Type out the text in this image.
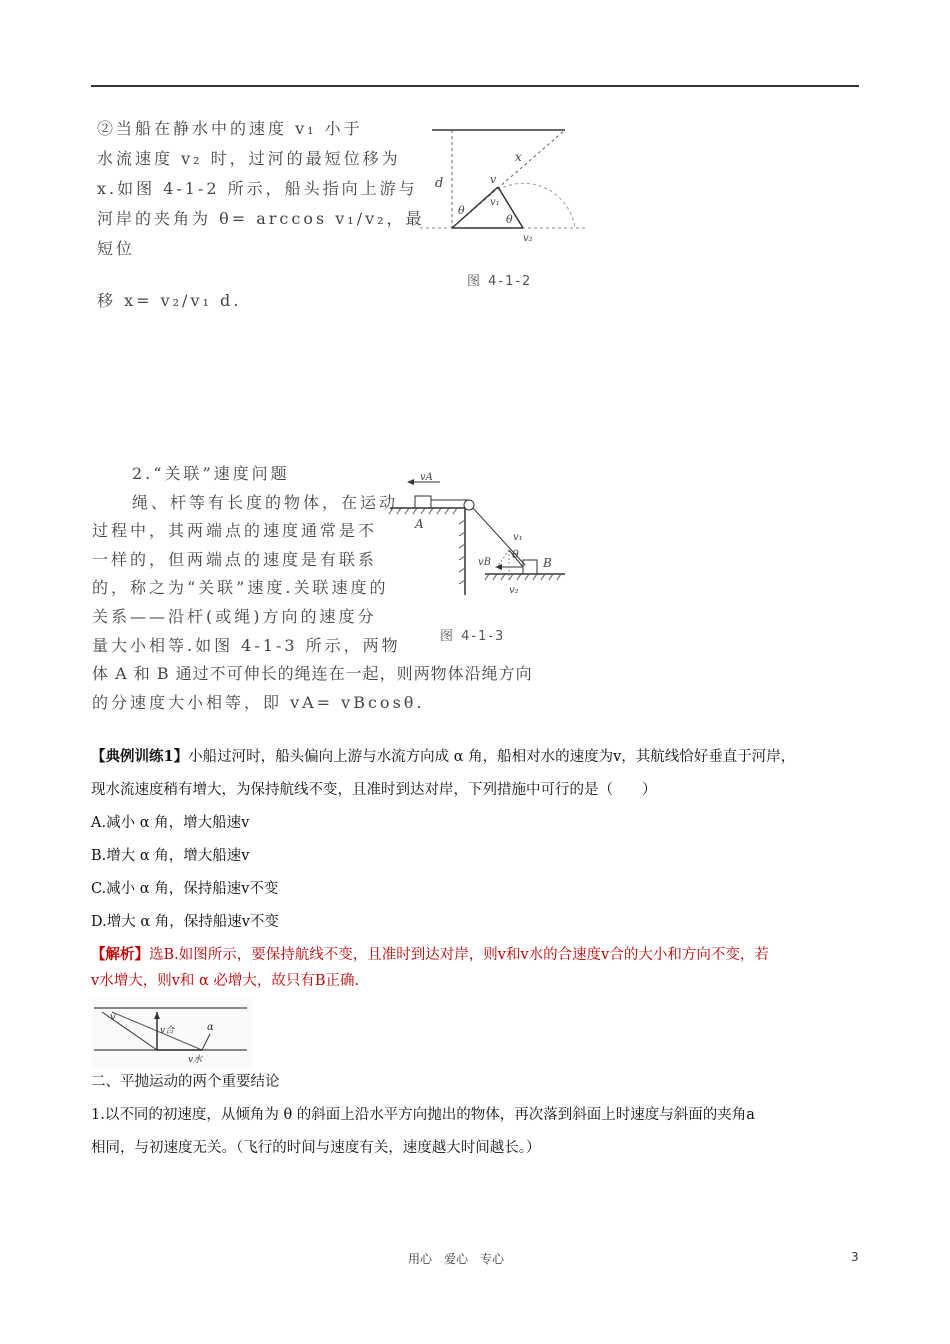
②当船在静水中的速度 v₁ 小于
水流速度 v₂ 时，过河的最短位移为
x.如图 4-1-2 所示，船头指向上游与
河岸的夹角为 θ= arccos v₁/v₂，最短位
移 x= v₂/v₁ d.
d
x
v
v₁
θ
θ
v₂
图 4-1-2
2.“关联”速度问题
绳、杆等有长度的物体，在运动
过程中，其两端点的速度通常是不
一样的，但两端点的速度是有联系
的，称之为“关联”速度.关联速度的
关系——沿杆(或绳)方向的速度分
量大小相等.如图 4-1-3 所示，两物
体 A 和 B 通过不可伸长的绳连在一起，则两物体沿绳方向
的分速度大小相等，即 vA= vBcosθ.
vA
A
v₁
θ
vB	B
v₂
图 4-1-3
【典例训练1】小船过河时，船头偏向上游与水流方向成 α 角，船相对水的速度为v，其航线恰好垂直于河岸，
现水流速度稍有增大，为保持航线不变，且准时到达对岸，下列措施中可行的是（　　）
A.减小 α 角，增大船速v
B.增大 α 角，增大船速v
C.减小 α 角，保持船速v不变
D.增大 α 角，保持船速v不变
【解析】选B.如图所示，要保持航线不变，且准时到达对岸，则v和v水的合速度v合的大小和方向不变，若
v水增大，则v和 α 必增大，故只有B正确.
v
v合	α
v水
二、平抛运动的两个重要结论
1.以不同的初速度，从倾角为 θ 的斜面上沿水平方向抛出的物体，再次落到斜面上时速度与斜面的夹角a
相同，与初速度无关。（飞行的时间与速度有关，速度越大时间越长。）
用心　爱心　专心	3
